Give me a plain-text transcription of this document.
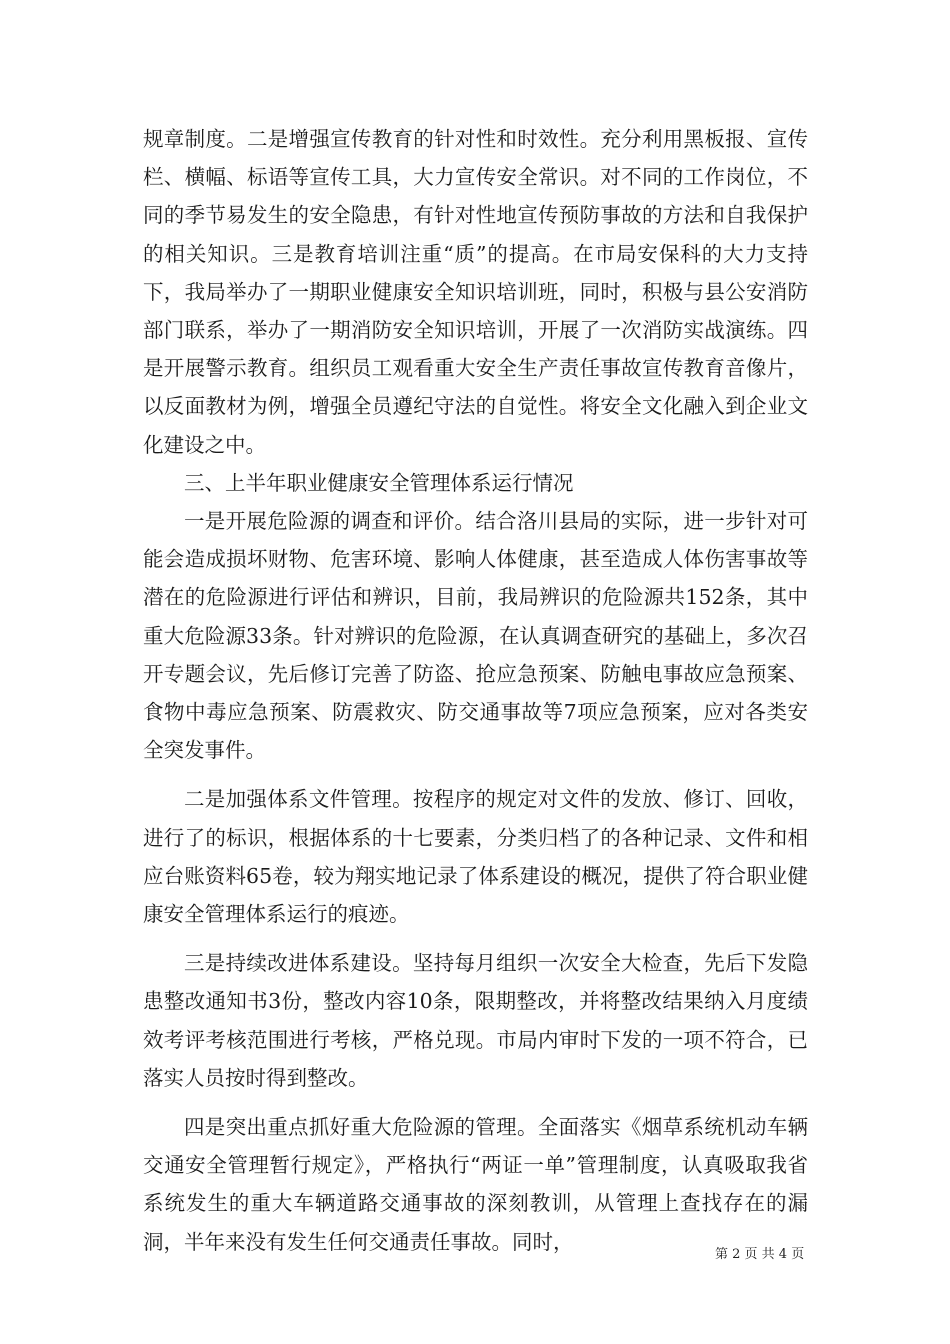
规章制度。二是增强宣传教育的针对性和时效性。充分利用黑板报、宣传栏、横幅、标语等宣传工具，大力宣传安全常识。对不同的工作岗位，不同的季节易发生的安全隐患，有针对性地宣传预防事故的方法和自我保护的相关知识。三是教育培训注重“质”的提高。在市局安保科的大力支持下，我局举办了一期职业健康安全知识培训班，同时，积极与县公安消防部门联系，举办了一期消防安全知识培训，开展了一次消防实战演练。四是开展警示教育。组织员工观看重大安全生产责任事故宣传教育音像片，以反面教材为例，增强全员遵纪守法的自觉性。将安全文化融入到企业文化建设之中。

三、上半年职业健康安全管理体系运行情况

一是开展危险源的调查和评价。结合洛川县局的实际，进一步针对可能会造成损坏财物、危害环境、影响人体健康，甚至造成人体伤害事故等潜在的危险源进行评估和辨识，目前，我局辨识的危险源共152条，其中重大危险源33条。针对辨识的危险源，在认真调查研究的基础上，多次召开专题会议，先后修订完善了防盗、抢应急预案、防触电事故应急预案、食物中毒应急预案、防震救灾、防交通事故等7项应急预案，应对各类安全突发事件。

二是加强体系文件管理。按程序的规定对文件的发放、修订、回收，进行了的标识，根据体系的十七要素，分类归档了的各种记录、文件和相应台账资料65卷，较为翔实地记录了体系建设的概况，提供了符合职业健康安全管理体系运行的痕迹。

三是持续改进体系建设。坚持每月组织一次安全大检查，先后下发隐患整改通知书3份，整改内容10条，限期整改，并将整改结果纳入月度绩效考评考核范围进行考核，严格兑现。市局内审时下发的一项不符合，已落实人员按时得到整改。

四是突出重点抓好重大危险源的管理。全面落实《烟草系统机动车辆交通安全管理暂行规定》，严格执行“两证一单”管理制度，认真吸取我省系统发生的重大车辆道路交通事故的深刻教训，从管理上查找存在的漏洞，半年来没有发生任何交通责任事故。同时，

第 2 页 共 4 页
